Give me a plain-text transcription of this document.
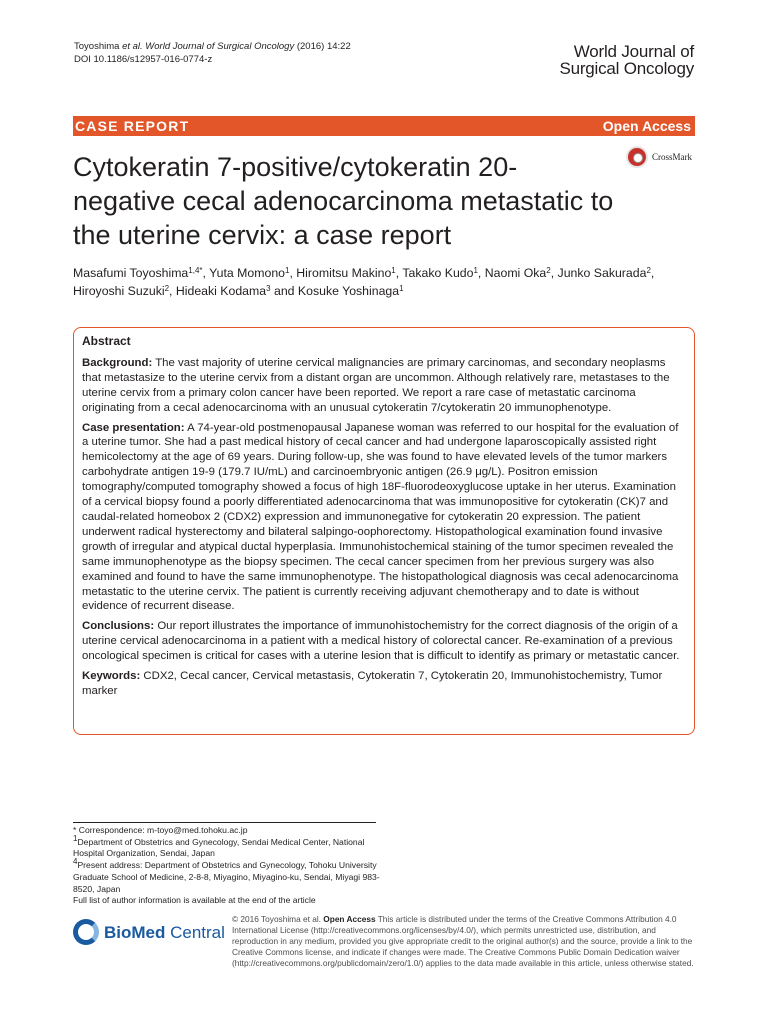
Toyoshima et al. World Journal of Surgical Oncology (2016) 14:22
DOI 10.1186/s12957-016-0774-z	World Journal of
Surgical Oncology
CASE REPORT	Open Access
Cytokeratin 7-positive/cytokeratin 20-negative cecal adenocarcinoma metastatic to the uterine cervix: a case report
CrossMark
Masafumi Toyoshima$^{1,4*}$, Yuta Momono$^1$, Hiromitsu Makino$^1$, Takako Kudo$^1$, Naomi Oka$^2$, Junko Sakurada$^2$,
Hiroyoshi Suzuki$^2$, Hideaki Kodama$^3$ and Kosuke Yoshinaga$^1$
Abstract

Background: The vast majority of uterine cervical malignancies are primary carcinomas, and secondary neoplasms that metastasize to the uterine cervix from a distant organ are uncommon. Although relatively rare, metastases to the uterine cervix from a primary colon cancer have been reported. We report a rare case of metastatic carcinoma originating from a cecal adenocarcinoma with an unusual cytokeratin 7/cytokeratin 20 immunophenotype.

Case presentation: A 74-year-old postmenopausal Japanese woman was referred to our hospital for the evaluation of a uterine tumor. She had a past medical history of cecal cancer and had undergone laparoscopically assisted right hemicolectomy at the age of 69 years. During follow-up, she was found to have elevated levels of the tumor markers carbohydrate antigen 19-9 (179.7 IU/mL) and carcinoembryonic antigen (26.9 μg/L). Positron emission tomography/computed tomography showed a focus of high 18F-fluorodeoxyglucose uptake in her uterus. Examination of a cervical biopsy found a poorly differentiated adenocarcinoma that was immunopositive for cytokeratin (CK)7 and caudal-related homeobox 2 (CDX2) expression and immunonegative for cytokeratin 20 expression. The patient underwent radical hysterectomy and bilateral salpingo-oophorectomy. Histopathological examination found invasive growth of irregular and atypical ductal hyperplasia. Immunohistochemical staining of the tumor specimen revealed the same immunophenotype as the biopsy specimen. The cecal cancer specimen from her previous surgery was also examined and found to have the same immunophenotype. The histopathological diagnosis was cecal adenocarcinoma metastatic to the uterine cervix. The patient is currently receiving adjuvant chemotherapy and to date is without evidence of recurrent disease.

Conclusions: Our report illustrates the importance of immunohistochemistry for the correct diagnosis of the origin of a uterine cervical adenocarcinoma in a patient with a medical history of colorectal cancer. Re-examination of a previous oncological specimen is critical for cases with a uterine lesion that is difficult to identify as primary or metastatic cancer.

Keywords: CDX2, Cecal cancer, Cervical metastasis, Cytokeratin 7, Cytokeratin 20, Immunohistochemistry, Tumor marker

* Correspondence: m-toyo@med.tohoku.ac.jp
$^1$Department of Obstetrics and Gynecology, Sendai Medical Center, National Hospital Organization, Sendai, Japan
$^4$Present address: Department of Obstetrics and Gynecology, Tohoku University Graduate School of Medicine, 2-8-8, Miyagino, Miyagino-ku, Sendai, Miyagi 983-8520, Japan
Full list of author information is available at the end of the article
BioMed Central
© 2016 Toyoshima et al. Open Access This article is distributed under the terms of the Creative Commons Attribution 4.0 International License (http://creativecommons.org/licenses/by/4.0/), which permits unrestricted use, distribution, and reproduction in any medium, provided you give appropriate credit to the original author(s) and the source, provide a link to the Creative Commons license, and indicate if changes were made. The Creative Commons Public Domain Dedication waiver (http://creativecommons.org/publicdomain/zero/1.0/) applies to the data made available in this article, unless otherwise stated.
